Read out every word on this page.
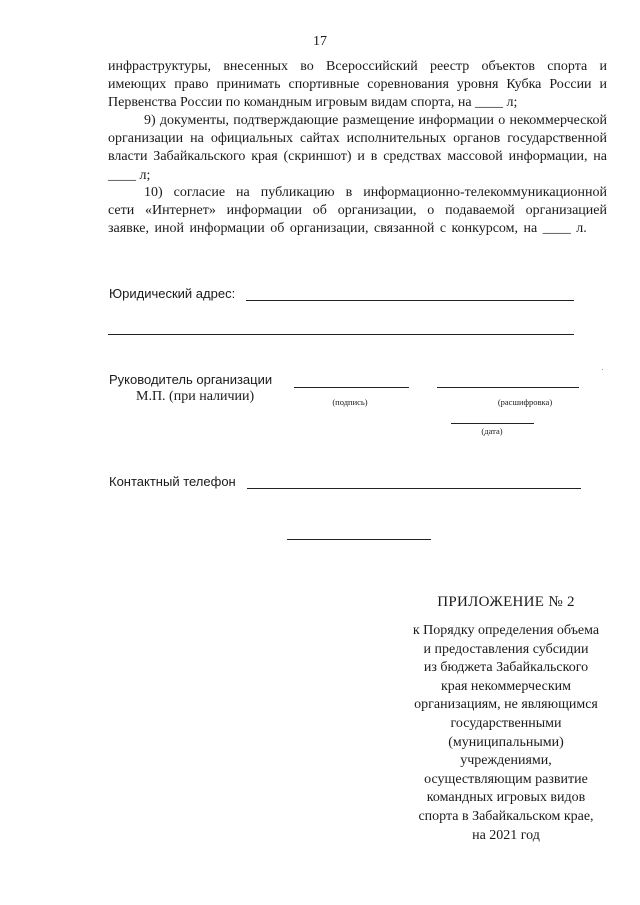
17

инфраструктуры, внесенных во Всероссийский реестр объектов спорта и имеющих право принимать спортивные соревнования уровня Кубка России и Первенства России по командным игровым видам спорта, на ____ л;

9) документы, подтверждающие размещение информации о некоммерческой организации на официальных сайтах исполнительных органов государственной власти Забайкальского края (скриншот) и в средствах массовой информации, на ____ л;

10) согласие на публикацию в информационно-телекоммуникационной сети «Интернет» информации об организации, о подаваемой организацией заявке, иной информации об организации, связанной с конкурсом, на ____ л.

Юридический адрес:
Руководитель организации
М.П. (при наличии)	(подпись)	(расшифровка)
(дата)
Контактный телефон
ПРИЛОЖЕНИЕ № 2
к Порядку определения объема
и предоставления субсидии
из бюджета Забайкальского
края некоммерческим
организациям, не являющимся
государственными
(муниципальными)
учреждениями,
осуществляющим развитие
командных игровых видов
спорта в Забайкальском крае,
на 2021 год
